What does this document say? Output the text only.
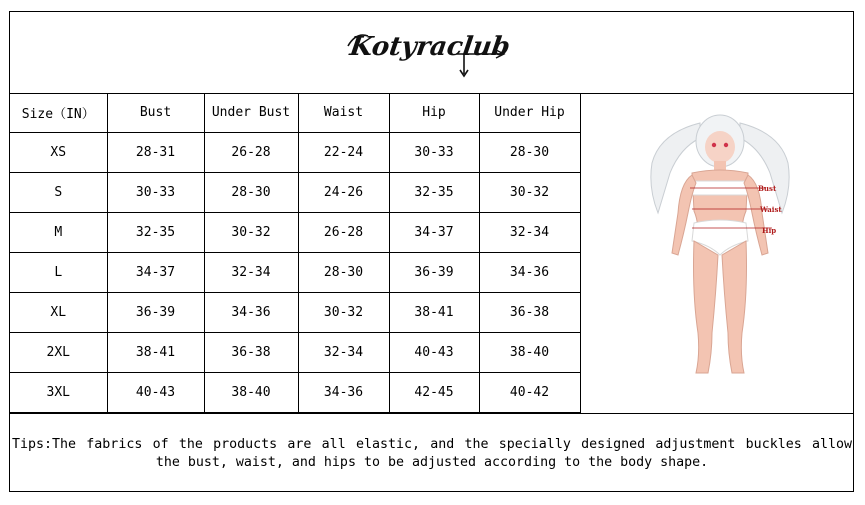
Kotyraclub
Size（IN）	Bust	Under Bust	Waist	Hip	Under Hip
XS	28-31	26-28	22-24	30-33	28-30
S	30-33	28-30	24-26	32-35	30-32
M	32-35	30-32	26-28	34-37	32-34
L	34-37	32-34	28-30	36-39	34-36
XL	36-39	34-36	30-32	38-41	36-38
2XL	38-41	36-38	32-34	40-43	38-40
3XL	40-43	38-40	34-36	42-45	40-42
Bust
Waist
Hip
Tips:The fabrics of the products are all elastic, and the specially designed adjustment buckles allow the bust, waist, and hips to be adjusted according to the body shape.
